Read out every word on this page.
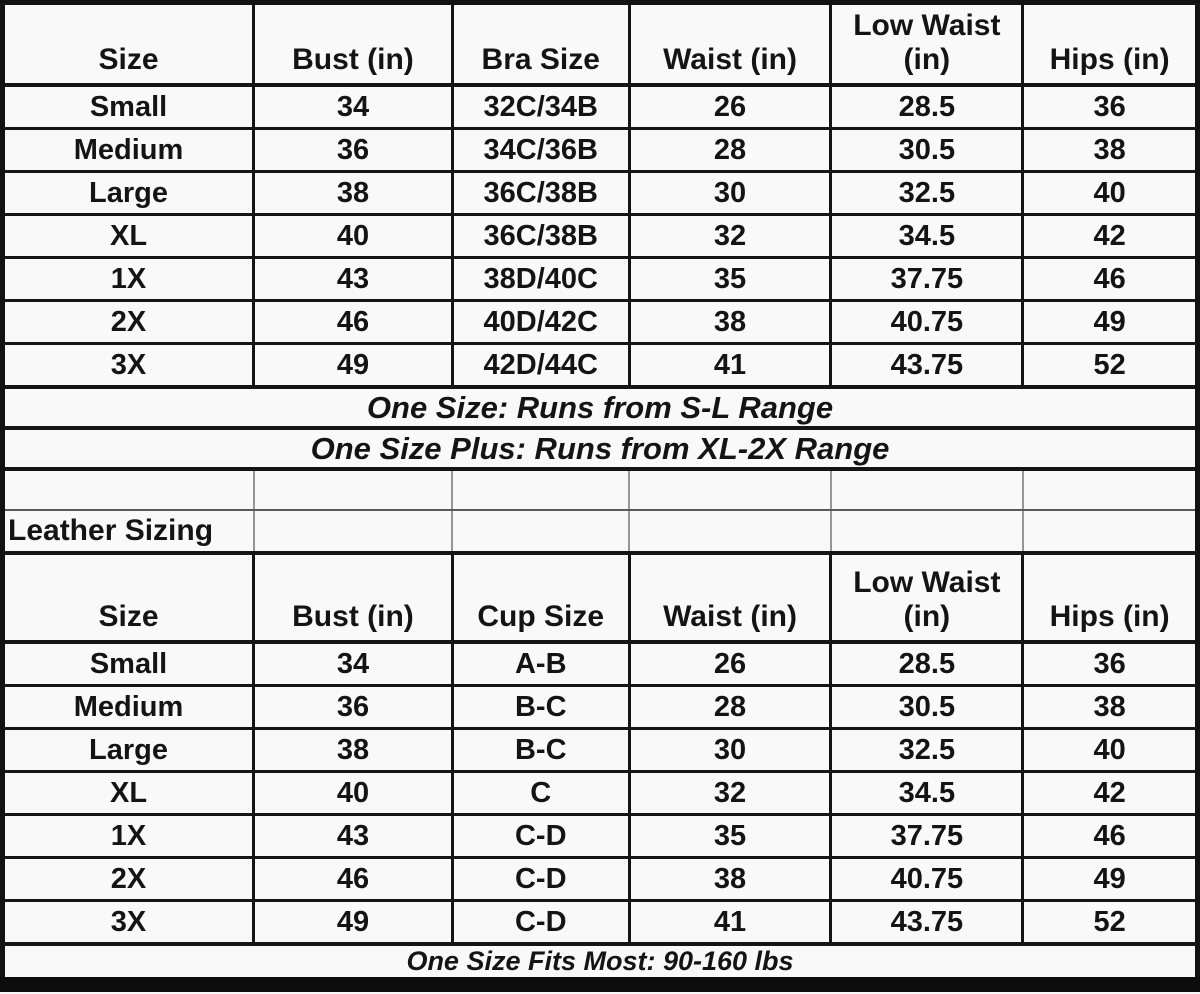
Size	Bust (in)	Bra Size	Waist (in)	Low Waist (in)	Hips (in)
Small	34	32C/34B	26	28.5	36
Medium	36	34C/36B	28	30.5	38
Large	38	36C/38B	30	32.5	40
XL	40	36C/38B	32	34.5	42
1X	43	38D/40C	35	37.75	46
2X	46	40D/42C	38	40.75	49
3X	49	42D/44C	41	43.75	52
One Size: Runs from S-L Range					
One Size Plus: Runs from XL-2X Range					

Leather Sizing					
Size	Bust (in)	Cup Size	Waist (in)	Low Waist (in)	Hips (in)
Small	34	A-B	26	28.5	36
Medium	36	B-C	28	30.5	38
Large	38	B-C	30	32.5	40
XL	40	C	32	34.5	42
1X	43	C-D	35	37.75	46
2X	46	C-D	38	40.75	49
3X	49	C-D	41	43.75	52
One Size Fits Most: 90-160 lbs					
